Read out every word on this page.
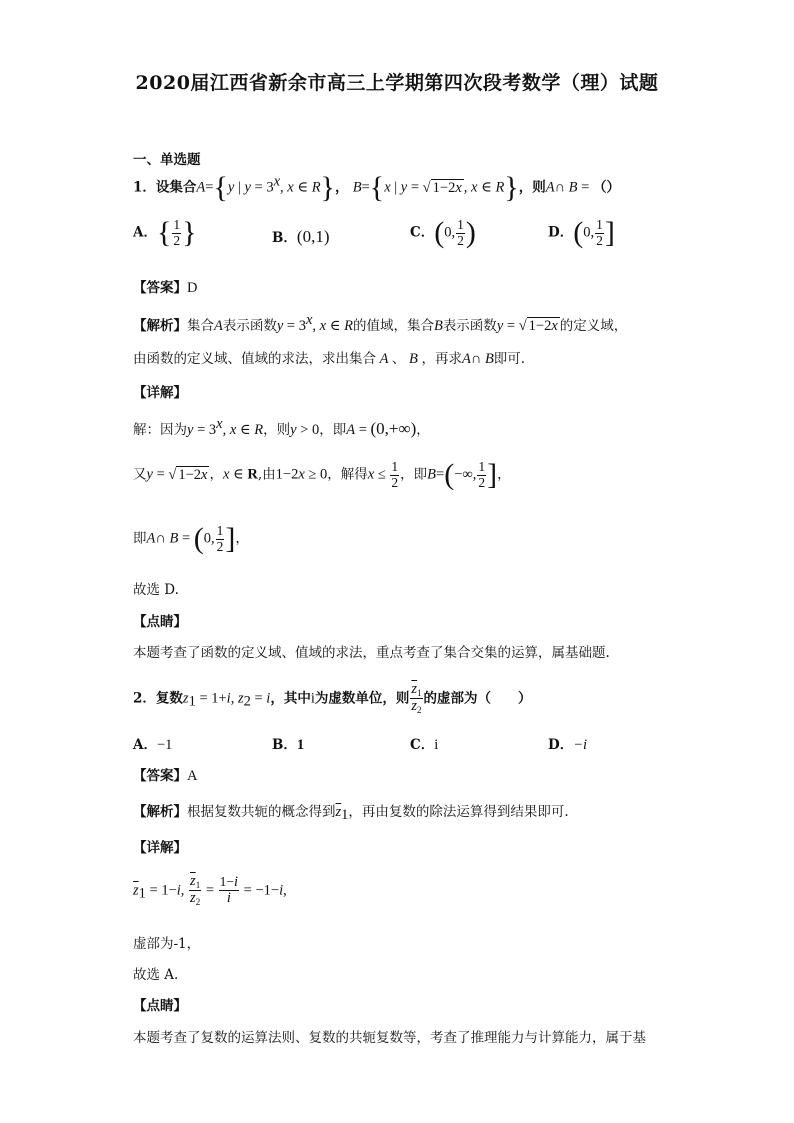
2020届江西省新余市高三上学期第四次段考数学（理）试题
一、单选题
1．设集合A={y | $y = 3^x$, x ∈ R}， B={x | y = √ 1−2x , x ∈ R}，则A∩ B = （）
A．{ $\frac{1}{2}$ }	B．(0,1)	C．(0, $\frac{1}{2}$ )	D．(0, $\frac{1}{2}$ ]
【答案】D
【解析】集合A表示函数$y = 3^x$, x ∈ R的值域，集合B表示函数y = √ 1−2x 的定义域，
由函数的定义域、值域的求法，求出集合 A 、 B ，再求A∩ B即可.
【详解】
解：因为$y = 3^x$, x ∈ R，则y > 0，即A = (0,+∞)，
又y = √ 1−2x ，x ∈ R,由1−2x ≥ 0，解得$x \le \frac{1}{2}$ ，即B=(−∞, $\frac{1}{2}$ ]，
即A∩ B = (0, $\frac{1}{2}$ ]，
故选 D.
【点睛】
本题考查了函数的定义域、值域的求法，重点考查了集合交集的运算，属基础题.
2．复数$z_1 = 1+i$, $z_2 = i$，其中i为虚数单位，则 $\frac{\overline{z}_1}{z_2}$ 的虚部为（　　）
A．−1	B．1	C．i	D．−i
【答案】A
【解析】根据复数共轭的概念得到$\overline{z}_1$，再由复数的除法运算得到结果即可.
【详解】
$\overline{z}_1 = 1-i$, $\frac{\overline{z}_1}{z_2} = \frac{1-i}{i} = -1-i$,
虚部为-1，
故选 A.
【点睛】
本题考查了复数的运算法则、复数的共轭复数等，考查了推理能力与计算能力，属于基
